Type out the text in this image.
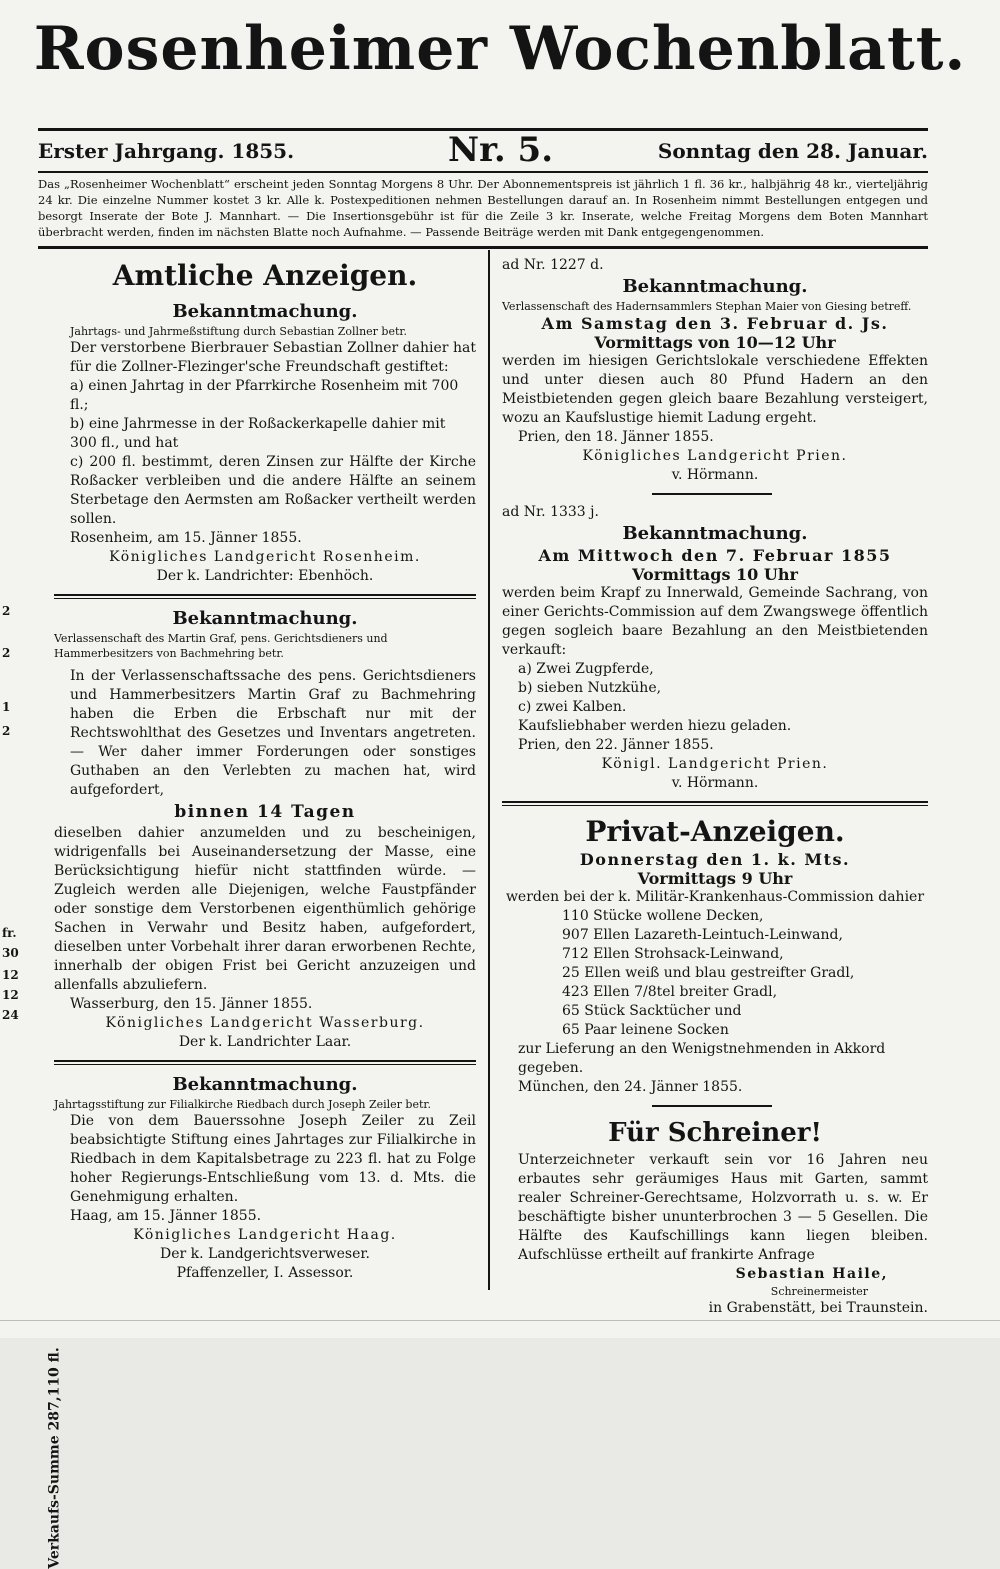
Rosenheimer Wochenblatt.
Erster Jahrgang. 1855.	Nr. 5.	Sonntag den 28. Januar.
Das „Rosenheimer Wochenblatt“ erscheint jeden Sonntag Morgens 8 Uhr. Der Abonnementspreis ist jährlich 1 fl. 36 kr., halbjährig 48 kr., vierteljährig 24 kr. Die einzelne Nummer kostet 3 kr. Alle k. Postexpeditionen nehmen Bestellungen darauf an. In Rosenheim nimmt Bestellungen entgegen und besorgt Inserate der Bote J. Mannhart. — Die Insertionsgebühr ist für die Zeile 3 kr. Inserate, welche Freitag Morgens dem Boten Mannhart überbracht werden, finden im nächsten Blatte noch Aufnahme. — Passende Beiträge werden mit Dank entgegengenommen.
2
2
1
2
fr.
30
12
12
24
Verkaufs-Summe 287,110 fl.

Amtliche Anzeigen.

Bekanntmachung.

Jahrtags- und Jahrmeßstiftung durch Sebastian Zollner betr.

Der verstorbene Bierbrauer Sebastian Zollner dahier hat für die Zollner-Flezinger'sche Freundschaft gestiftet:

a) einen Jahrtag in der Pfarrkirche Rosenheim mit 700 fl.;

b) eine Jahrmesse in der Roßackerkapelle dahier mit 300 fl., und hat

c) 200 fl. bestimmt, deren Zinsen zur Hälfte der Kirche Roßacker verbleiben und die andere Hälfte an seinem Sterbetage den Aermsten am Roßacker vertheilt werden sollen.

Rosenheim, am 15. Jänner 1855.

Königliches Landgericht Rosenheim.

Der k. Landrichter: Ebenhöch.

Bekanntmachung.

Verlassenschaft des Martin Graf, pens. Gerichtsdieners und Hammerbesitzers von Bachmehring betr.

In der Verlassenschaftssache des pens. Gerichtsdieners und Hammerbesitzers Martin Graf zu Bachmehring haben die Erben die Erbschaft nur mit der Rechtswohlthat des Gesetzes und Inventars angetreten. — Wer daher immer Forderungen oder sonstiges Guthaben an den Verlebten zu machen hat, wird aufgefordert,

binnen 14 Tagen

dieselben dahier anzumelden und zu bescheinigen, widrigenfalls bei Auseinandersetzung der Masse, eine Berücksichtigung hiefür nicht stattfinden würde. — Zugleich werden alle Diejenigen, welche Faustpfänder oder sonstige dem Verstorbenen eigenthümlich gehörige Sachen in Verwahr und Besitz haben, aufgefordert, dieselben unter Vorbehalt ihrer daran erworbenen Rechte, innerhalb der obigen Frist bei Gericht anzuzeigen und allenfalls abzuliefern.

Wasserburg, den 15. Jänner 1855.

Königliches Landgericht Wasserburg.

Der k. Landrichter Laar.

Bekanntmachung.

Jahrtagsstiftung zur Filialkirche Riedbach durch Joseph Zeiler betr.

Die von dem Bauerssohne Joseph Zeiler zu Zeil beabsichtigte Stiftung eines Jahrtages zur Filialkirche in Riedbach in dem Kapitalsbetrage zu 223 fl. hat zu Folge hoher Regierungs-Entschließung vom 13. d. Mts. die Genehmigung erhalten.

Haag, am 15. Jänner 1855.

Königliches Landgericht Haag.

Der k. Landgerichtsverweser.

Pfaffenzeller, I. Assessor.

ad Nr. 1227 d.

Bekanntmachung.

Verlassenschaft des Hadernsammlers Stephan Maier von Giesing betreff.

Am Samstag den 3. Februar d. Js.

Vormittags von 10—12 Uhr

werden im hiesigen Gerichtslokale verschiedene Effekten und unter diesen auch 80 Pfund Hadern an den Meistbietenden gegen gleich baare Bezahlung versteigert, wozu an Kaufslustige hiemit Ladung ergeht.

Prien, den 18. Jänner 1855.

Königliches Landgericht Prien.

v. Hörmann.

ad Nr. 1333 j.

Bekanntmachung.

Am Mittwoch den 7. Februar 1855

Vormittags 10 Uhr

werden beim Krapf zu Innerwald, Gemeinde Sachrang, von einer Gerichts-Commission auf dem Zwangswege öffentlich gegen sogleich baare Bezahlung an den Meistbietenden verkauft:

a) Zwei Zugpferde,

b) sieben Nutzkühe,

c) zwei Kalben.

Kaufsliebhaber werden hiezu geladen.

Prien, den 22. Jänner 1855.

Königl. Landgericht Prien.

v. Hörmann.

Privat-Anzeigen.

Donnerstag den 1. k. Mts.

Vormittags 9 Uhr

werden bei der k. Militär-Krankenhaus-Commission dahier

110 Stücke wollene Decken,

907 Ellen Lazareth-Leintuch-Leinwand,

712 Ellen Strohsack-Leinwand,

25 Ellen weiß und blau gestreifter Gradl,

423 Ellen 7/8tel breiter Gradl,

65 Stück Sacktücher und

65 Paar leinene Socken

zur Lieferung an den Wenigstnehmenden in Akkord gegeben.

München, den 24. Jänner 1855.

Für Schreiner!

Unterzeichneter verkauft sein vor 16 Jahren neu erbautes sehr geräumiges Haus mit Garten, sammt realer Schreiner-Gerechtsame, Holzvorrath u. s. w. Er beschäftigte bisher ununterbrochen 3 — 5 Gesellen. Die Hälfte des Kaufschillings kann liegen bleiben. Aufschlüsse ertheilt auf frankirte Anfrage

Sebastian Haile,

Schreinermeister

in Grabenstätt, bei Traunstein.
